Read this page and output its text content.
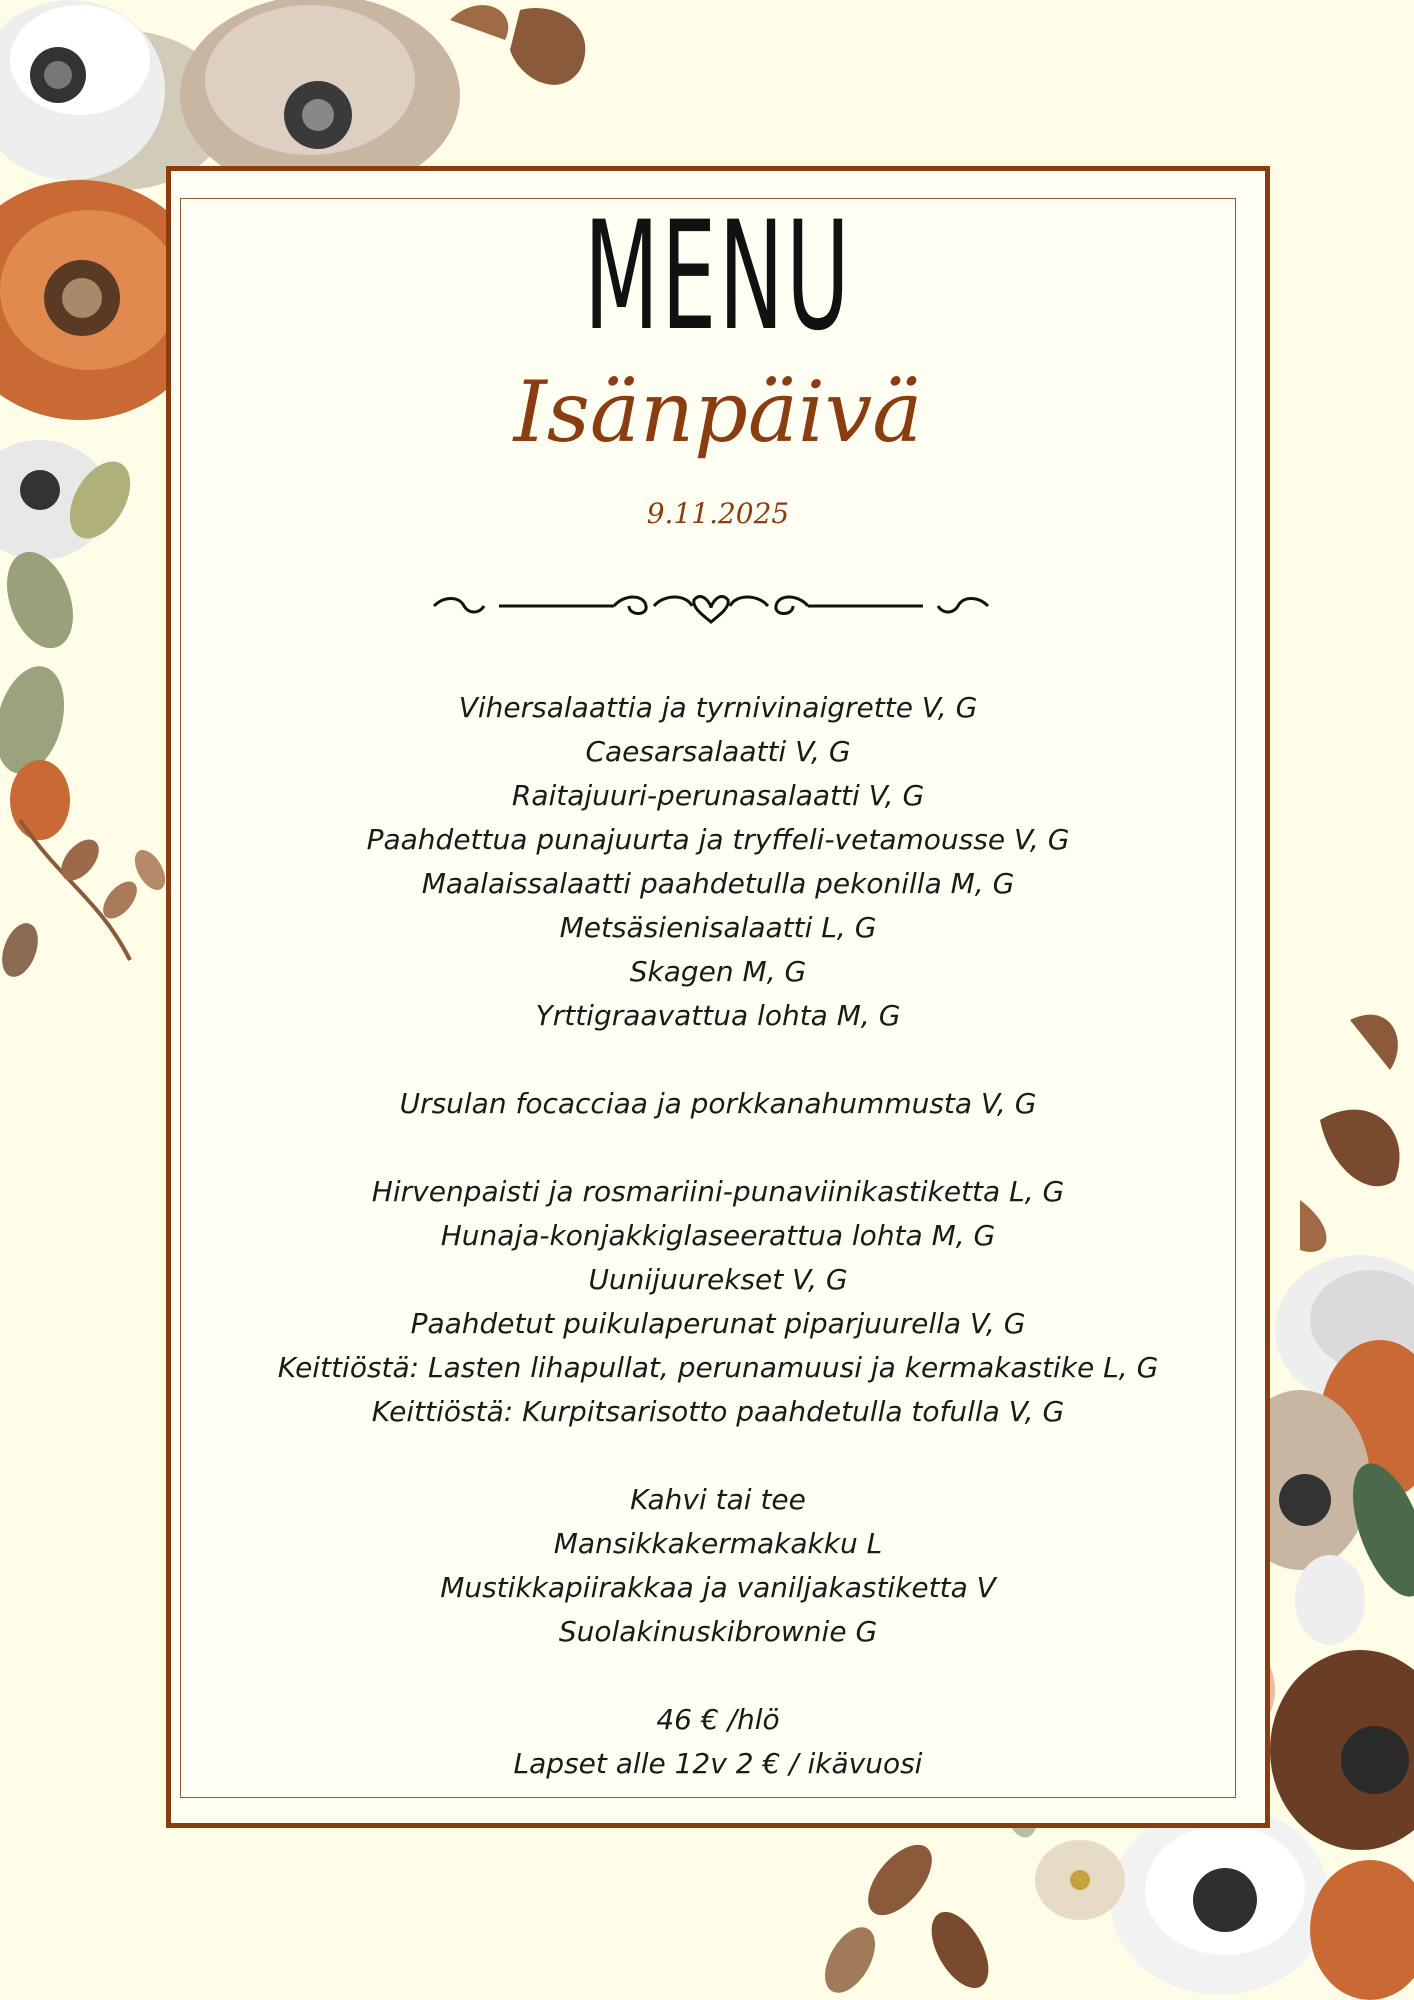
MENU
Isänpäivä
9.11.2025
Vihersalaattia ja tyrnivinaigrette V, G
Caesarsalaatti V, G
Raitajuuri-perunasalaatti V, G
Paahdettua punajuurta ja tryffeli-vetamousse V, G
Maalaissalaatti paahdetulla pekonilla M, G
Metsäsienisalaatti L, G
Skagen M, G
Yrttigraavattua lohta M, G
Ursulan focacciaa ja porkkanahummusta V, G
Hirvenpaisti ja rosmariini-punaviinikastiketta L, G
Hunaja-konjakkiglaseerattua lohta M, G
Uunijuurekset V, G
Paahdetut puikulaperunat piparjuurella V, G
Keittiöstä: Lasten lihapullat, perunamuusi ja kermakastike L, G
Keittiöstä: Kurpitsarisotto paahdetulla tofulla V, G
Kahvi tai tee
Mansikkakermakakku L
Mustikkapiirakkaa ja vaniljakastiketta V
Suolakinuskibrownie G
46 € /hlö
Lapset alle 12v 2 € / ikävuosi
